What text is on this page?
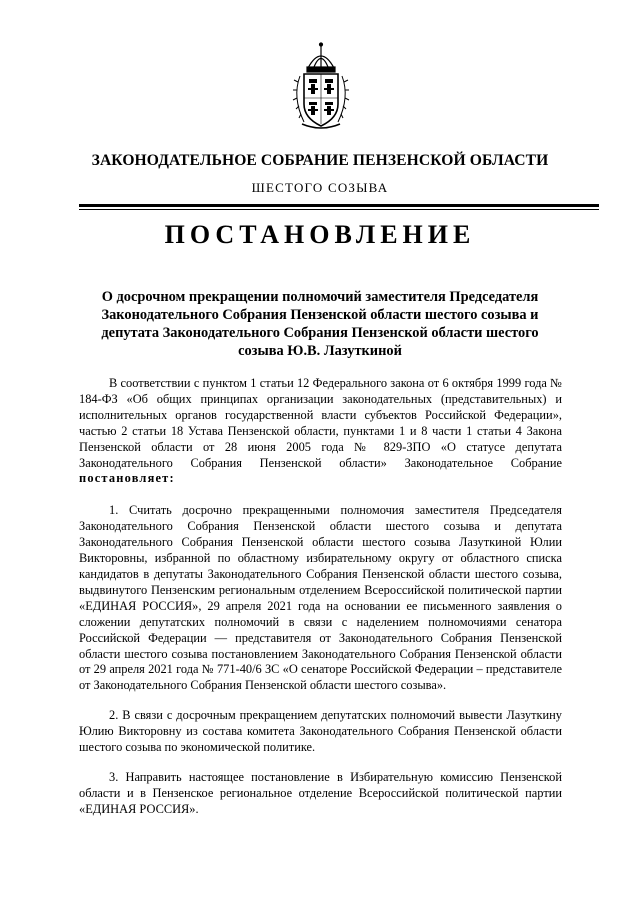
ЗАКОНОДАТЕЛЬНОЕ СОБРАНИЕ ПЕНЗЕНСКОЙ ОБЛАСТИ
ШЕСТОГО СОЗЫВА
ПОСТАНОВЛЕНИЕ
О досрочном прекращении полномочий заместителя Председателя Законодательного Собрания Пензенской области шестого созыва и депутата Законодательного Собрания Пензенской области шестого созыва Ю.В. Лазуткиной

В соответствии с пунктом 1 статьи 12 Федерального закона от 6 октября 1999 года № 184-ФЗ «Об общих принципах организации законодательных (представительных) и исполнительных органов государственной власти субъектов Российской Федерации», частью 2 статьи 18 Устава Пензенской области, пунктами 1 и 8 части 1 статьи 4 Закона Пензенской области от 28 июня 2005 года № 829-ЗПО «О статусе депутата Законодательного Собрания Пензенской области» Законодательное Собрание постановляет:

1. Считать досрочно прекращенными полномочия заместителя Председателя Законодательного Собрания Пензенской области шестого созыва и депутата Законодательного Собрания Пензенской области шестого созыва Лазуткиной Юлии Викторовны, избранной по областному избирательному округу от областного списка кандидатов в депутаты Законодательного Собрания Пензенской области шестого созыва, выдвинутого Пензенским региональным отделением Всероссийской политической партии «ЕДИНАЯ РОССИЯ», 29 апреля 2021 года на основании ее письменного заявления о сложении депутатских полномочий в связи с наделением полномочиями сенатора Российской Федерации — представителя от Законодательного Собрания Пензенской области шестого созыва постановлением Законодательного Собрания Пензенской области от 29 апреля 2021 года № 771-40/6 ЗС «О сенаторе Российской Федерации – представителе от Законодательного Собрания Пензенской области шестого созыва».

2. В связи с досрочным прекращением депутатских полномочий вывести Лазуткину Юлию Викторовну из состава комитета Законодательного Собрания Пензенской области шестого созыва по экономической политике.

3. Направить настоящее постановление в Избирательную комиссию Пензенской области и в Пензенское региональное отделение Всероссийской политической партии «ЕДИНАЯ РОССИЯ».
